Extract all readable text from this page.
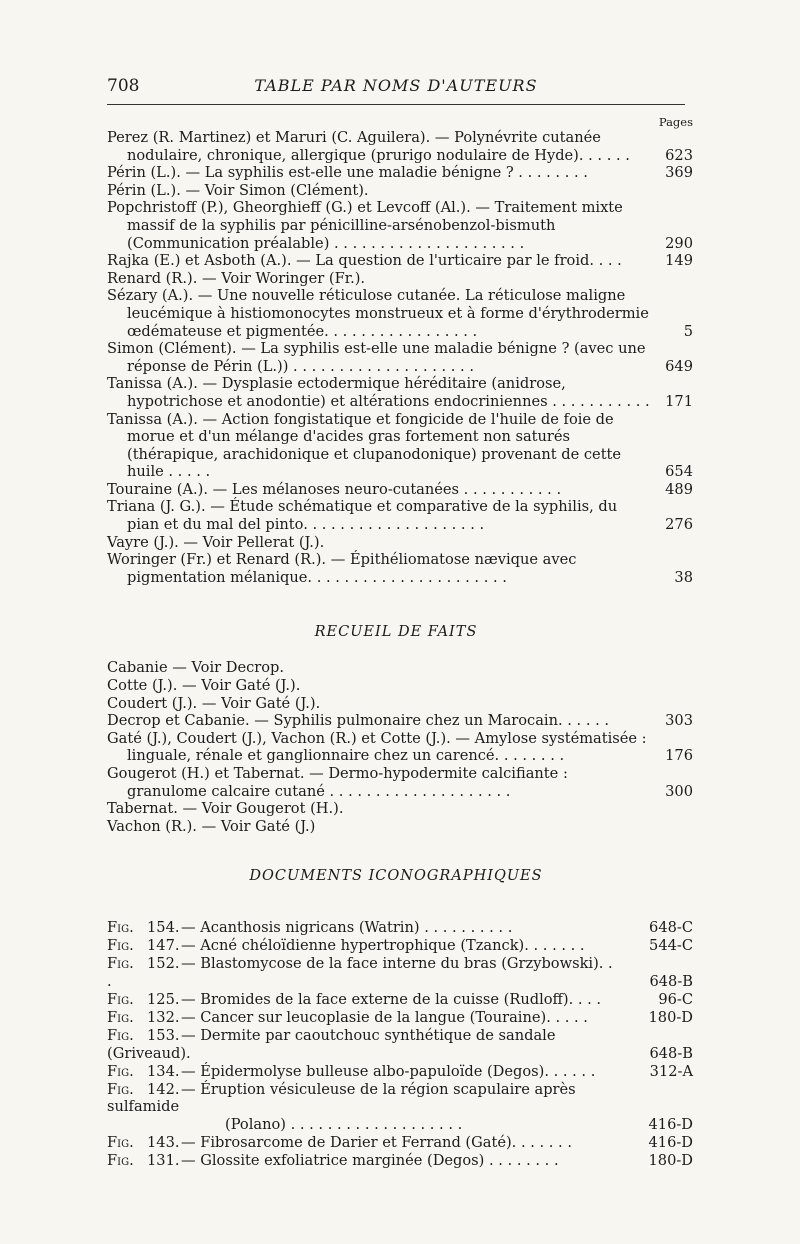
708	TABLE PAR NOMS D'AUTEURS
Pages

Perez (R. Martinez) et Maruri (C. Aguilera). — Polynévrite cutanée nodulaire, chronique, allergique (prurigo nodulaire de Hyde). . . . . . 623

Périn (L.). — La syphilis est-elle une maladie bénigne ? . . . . . . . .	369

Périn (L.). — Voir Simon (Clément).

Popchristoff (P.), Gheorghieff (G.) et Levcoff (Al.). — Traitement mixte massif de la syphilis par pénicilline-arsénobenzol-bismuth (Communication préalable) . . . . . . . . . . . . . . . . . . . . .	290

Rajka (E.) et Asboth (A.). — La question de l'urticaire par le froid. . . .	149

Renard (R.). — Voir Woringer (Fr.).

Sézary (A.). — Une nouvelle réticulose cutanée. La réticulose maligne leucémique à histiomonocytes monstrueux et à forme d'érythrodermie œdémateuse et pigmentée. . . . . . . . . . . . . . . . .	5

Simon (Clément). — La syphilis est-elle une maladie bénigne ? (avec une réponse de Périn (L.)) . . . . . . . . . . . . . . . . . . . .	649

Tanissa (A.). — Dysplasie ectodermique héréditaire (anidrose, hypotrichose et anodontie) et altérations endocriniennes . . . . . . . . . . . 171

Tanissa (A.). — Action fongistatique et fongicide de l'huile de foie de morue et d'un mélange d'acides gras fortement non saturés (thérapique, arachidonique et clupanodonique) provenant de cette huile . . . . .	654

Touraine (A.). — Les mélanoses neuro-cutanées . . . . . . . . . . .	489

Triana (J. G.). — Étude schématique et comparative de la syphilis, du pian et du mal del pinto. . . . . . . . . . . . . . . . . . . .	276

Vayre (J.). — Voir Pellerat (J.).

Woringer (Fr.) et Renard (R.). — Épithéliomatose nævique avec pigmentation mélanique. . . . . . . . . . . . . . . . . . . . . .	38

RECUEIL DE FAITS

Cabanie — Voir Decrop.

Cotte (J.). — Voir Gaté (J.).

Coudert (J.). — Voir Gaté (J.).

Decrop et Cabanie. — Syphilis pulmonaire chez un Marocain. . . . . .	303

Gaté (J.), Coudert (J.), Vachon (R.) et Cotte (J.). — Amylose systématisée : linguale, rénale et ganglionnaire chez un carencé. . . . . . . .	176

Gougerot (H.) et Tabernat. — Dermo-hypodermite calcifiante : granulome calcaire cutané . . . . . . . . . . . . . . . . . . . .	300

Tabernat. — Voir Gougerot (H.).

Vachon (R.). — Voir Gaté (J.)

DOCUMENTS ICONOGRAPHIQUES
Fig. 154. — Acanthosis nigricans (Watrin) . . . . . . . . . .	648-C
Fig. 147. — Acné chéloïdienne hypertrophique (Tzanck). . . . . . .	544-C
Fig. 152. — Blastomycose de la face interne du bras (Grzybowski). . .	648-B
Fig. 125. — Bromides de la face externe de la cuisse (Rudloff). . . .	96-C
Fig. 132. — Cancer sur leucoplasie de la langue (Touraine). . . . .	180-D
Fig. 153. — Dermite par caoutchouc synthétique de sandale (Griveaud).	648-B
Fig. 134. — Épidermolyse bulleuse albo-papuloïde (Degos). . . . . .	312-A
Fig. 142. — Éruption vésiculeuse de la région scapulaire après sulfamide
(Polano) . . . . . . . . . . . . . . . . . . .	416-D
Fig. 143. — Fibrosarcome de Darier et Ferrand (Gaté). . . . . . .	416-D
Fig. 131. — Glossite exfoliatrice marginée (Degos) . . . . . . . .	180-D
